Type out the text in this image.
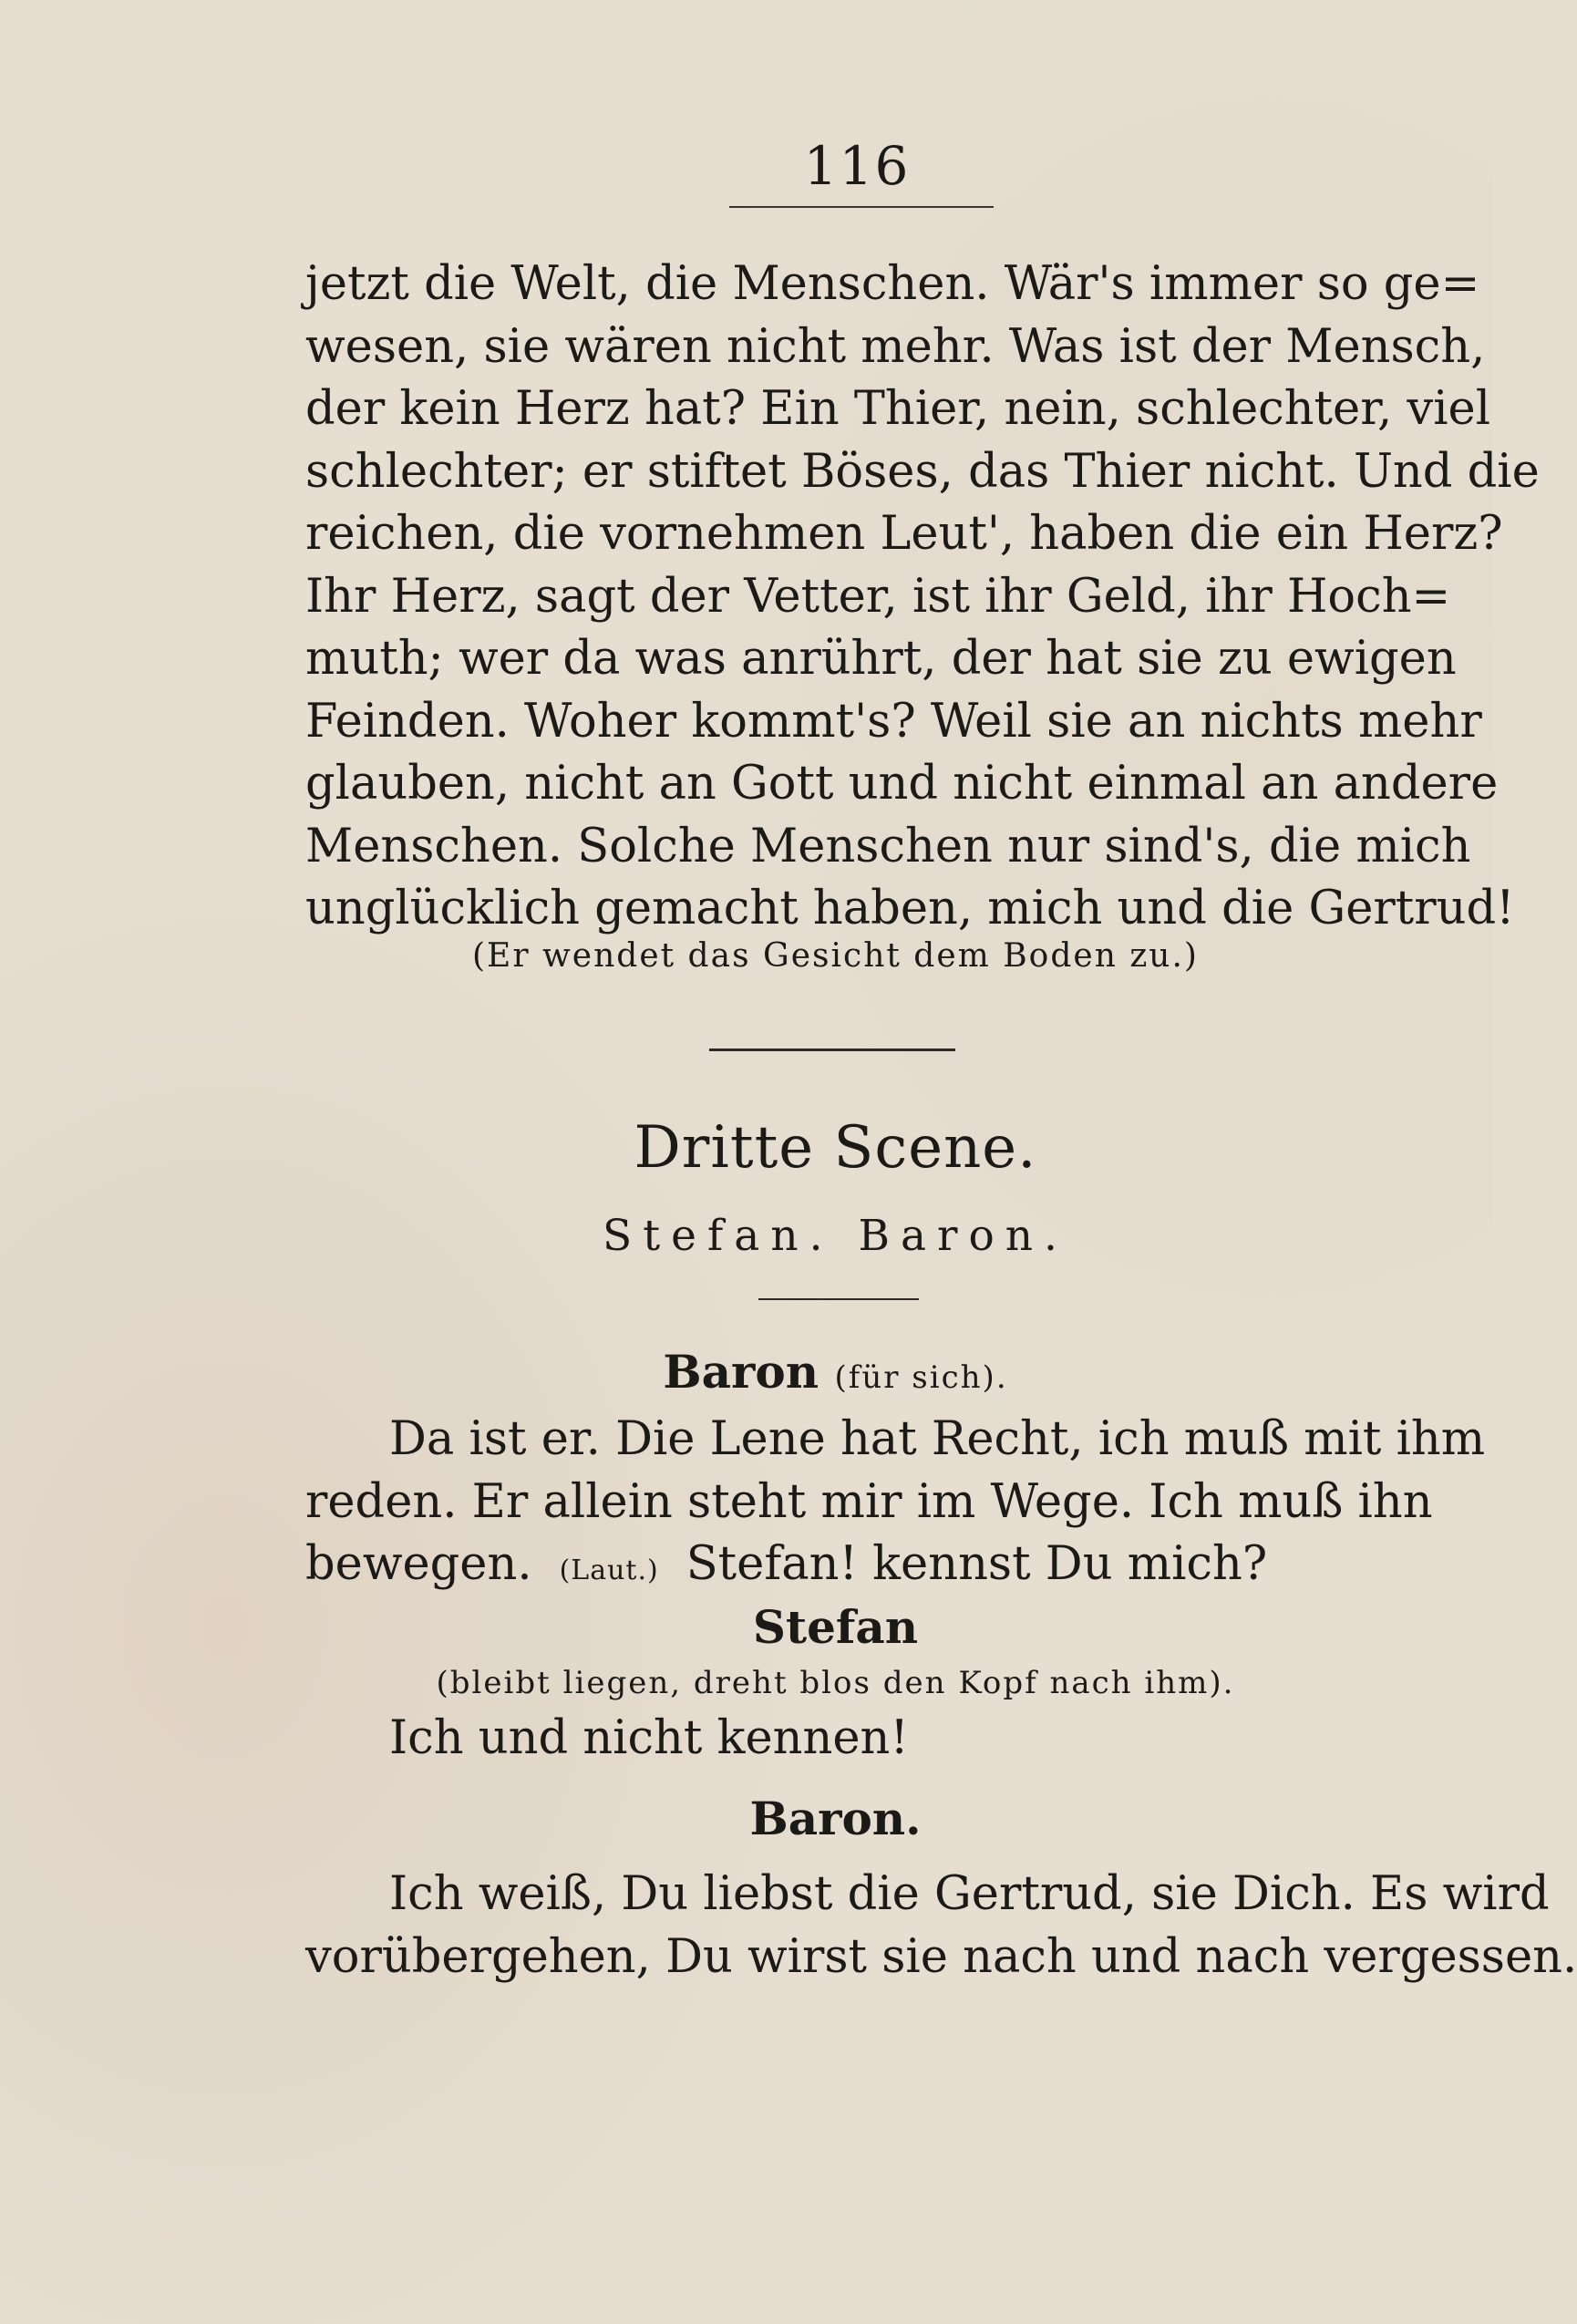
116
jetzt die Welt, die Menschen. Wär's immer so ge=
wesen, sie wären nicht mehr. Was ist der Mensch,
der kein Herz hat? Ein Thier, nein, schlechter, viel
schlechter; er stiftet Böses, das Thier nicht. Und die
reichen, die vornehmen Leut', haben die ein Herz?
Ihr Herz, sagt der Vetter, ist ihr Geld, ihr Hoch=
muth; wer da was anrührt, der hat sie zu ewigen
Feinden. Woher kommt's? Weil sie an nichts mehr
glauben, nicht an Gott und nicht einmal an andere
Menschen. Solche Menschen nur sind's, die mich
unglücklich gemacht haben, mich und die Gertrud!
(Er wendet das Gesicht dem Boden zu.)
Dritte Scene.
Stefan. Baron.
Baron (für sich).
Da ist er. Die Lene hat Recht, ich muß mit ihm
reden. Er allein steht mir im Wege. Ich muß ihn
bewegen. (Laut.) Stefan! kennst Du mich?
Stefan
(bleibt liegen, dreht blos den Kopf nach ihm).
Ich und nicht kennen!
Baron.
Ich weiß, Du liebst die Gertrud, sie Dich. Es wird
vorübergehen, Du wirst sie nach und nach vergessen.
